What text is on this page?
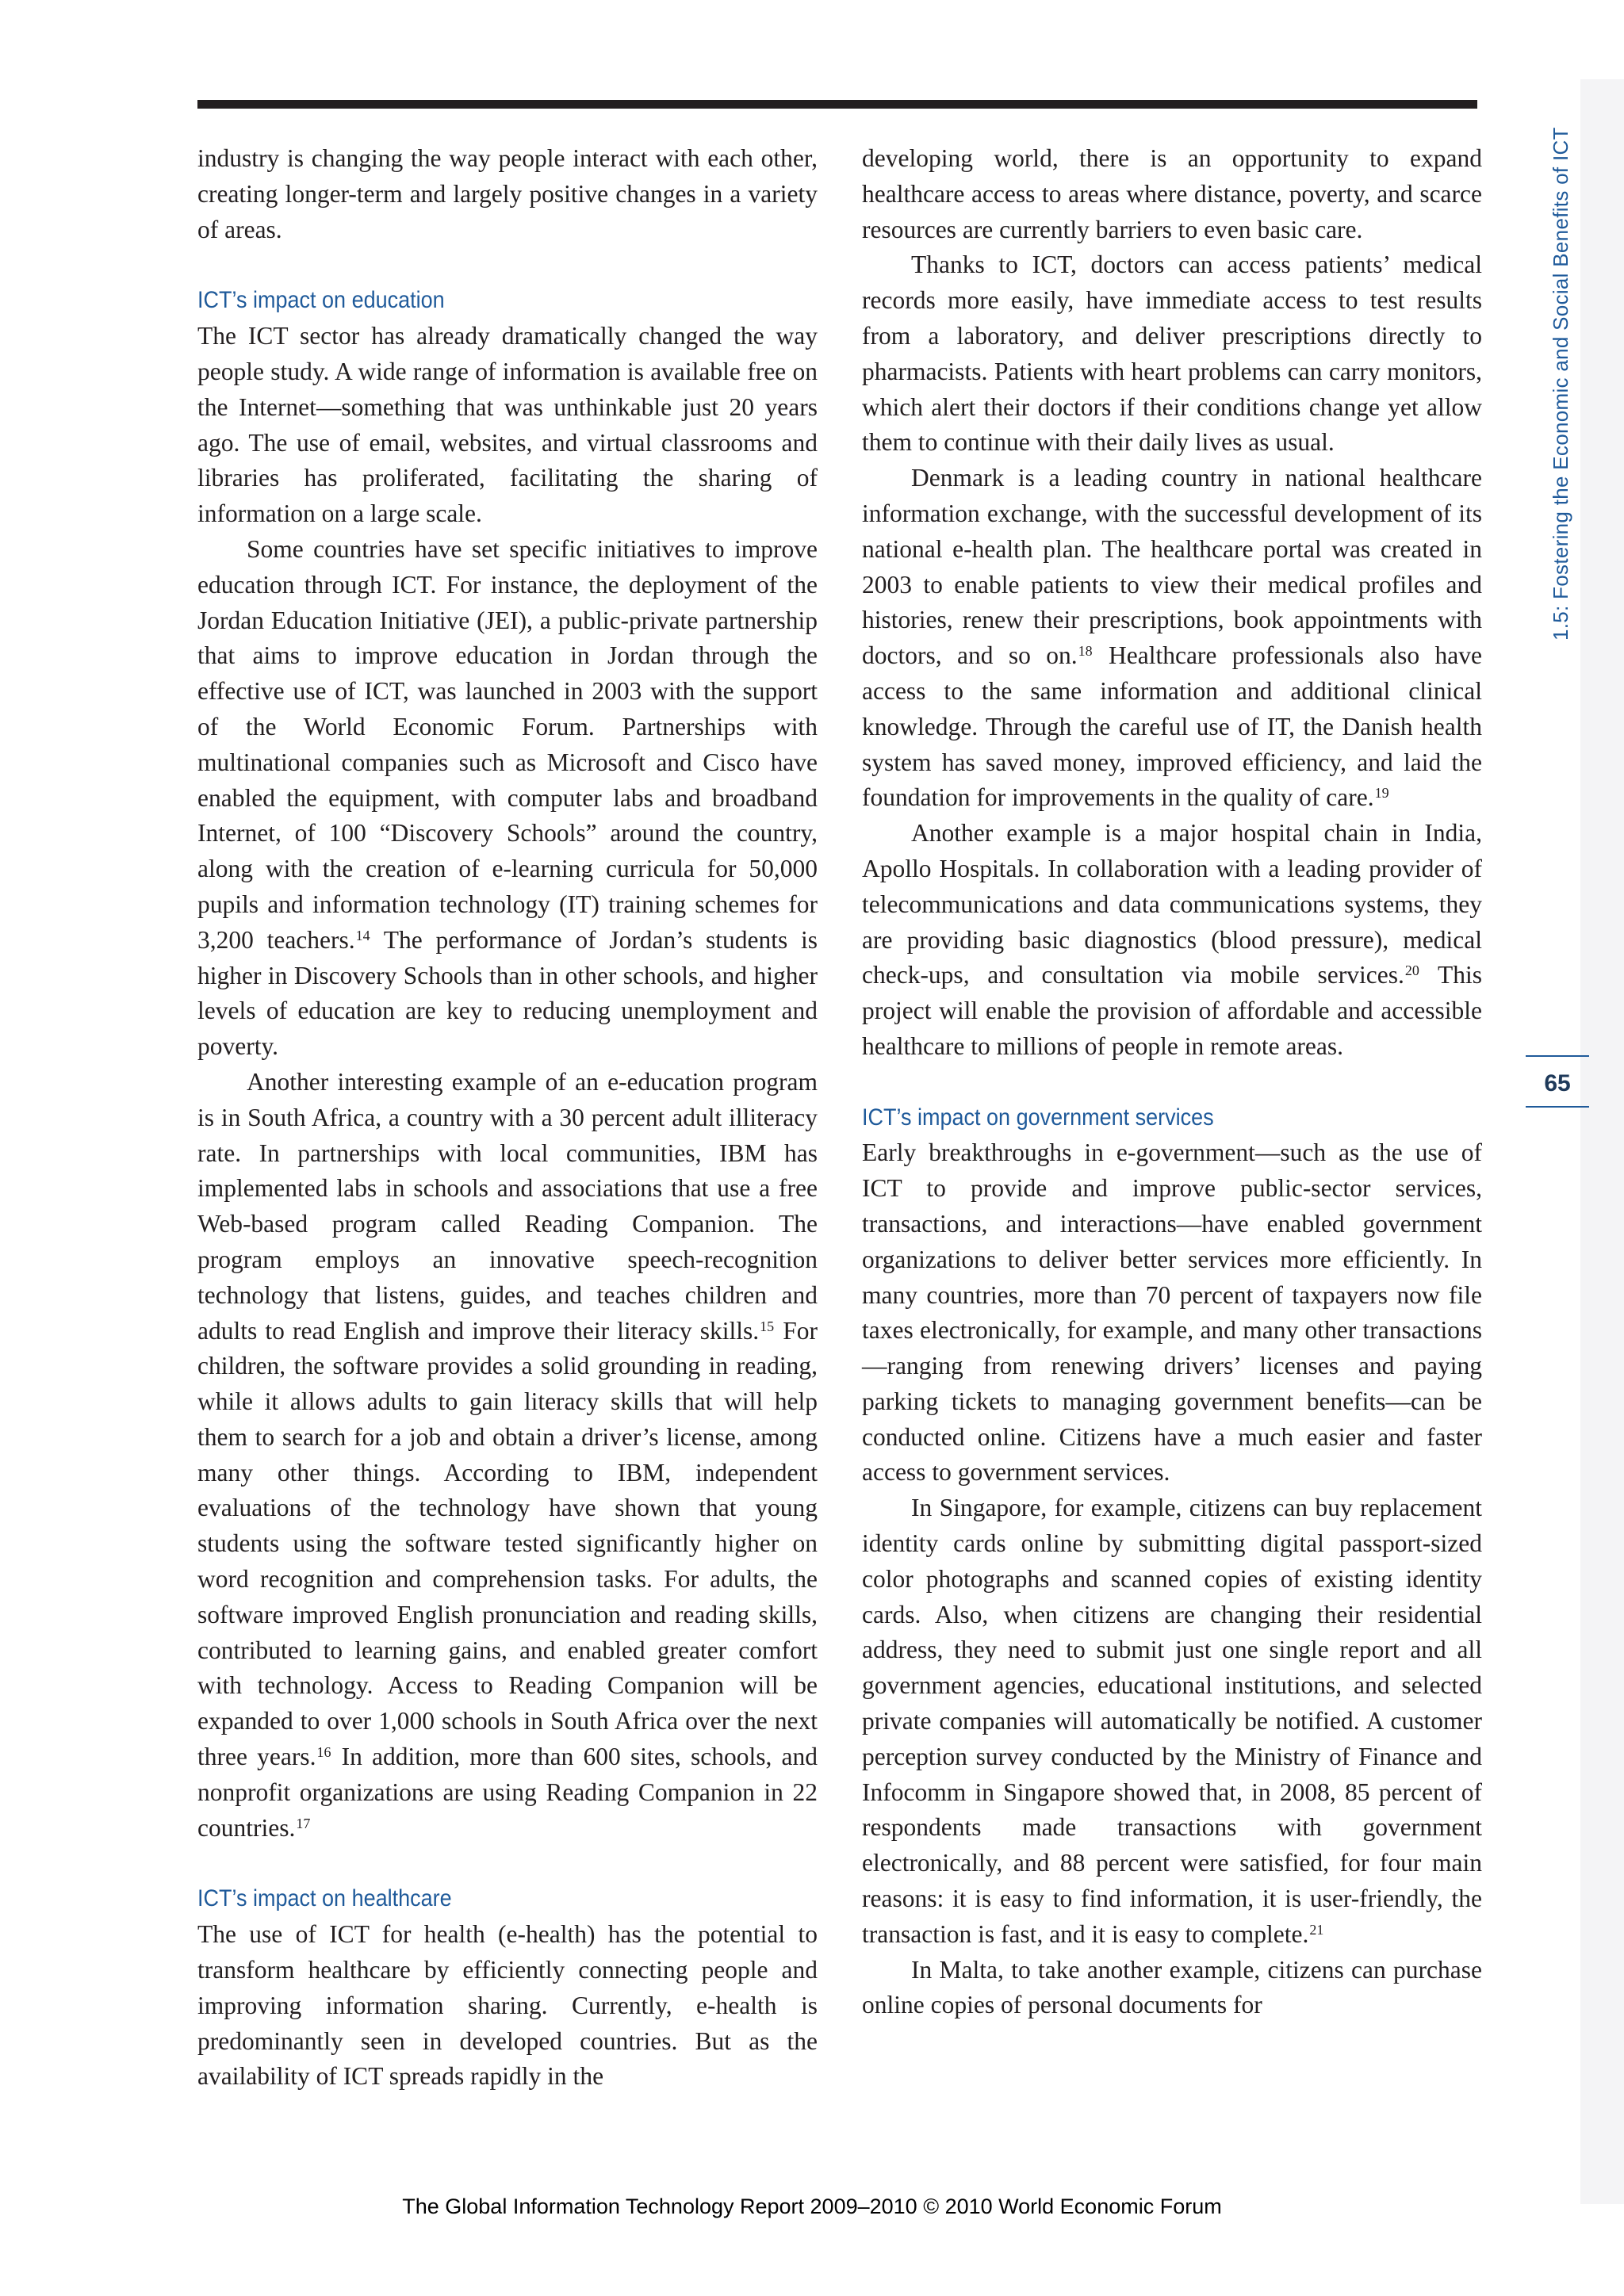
industry is changing the way people interact with each other, creating longer-term and largely positive changes in a variety of areas.

ICT’s impact on education

The ICT sector has already dramatically changed the way people study. A wide range of information is available free on the Internet—something that was unthinkable just 20 years ago. The use of email, websites, and virtual classrooms and libraries has proliferated, facilitating the sharing of information on a large scale.

Some countries have set specific initiatives to improve education through ICT. For instance, the deployment of the Jordan Education Initiative (JEI), a public-private partnership that aims to improve education in Jordan through the effective use of ICT, was launched in 2003 with the support of the World Economic Forum. Partnerships with multinational companies such as Microsoft and Cisco have enabled the equipment, with computer labs and broadband Internet, of 100 “Discovery Schools” around the country, along with the creation of e-learning curricula for 50,000 pupils and information technology (IT) training schemes for 3,200 teachers.$^{14}$ The performance of Jordan’s students is higher in Discovery Schools than in other schools, and higher levels of education are key to reducing unemployment and poverty.

Another interesting example of an e-education program is in South Africa, a country with a 30 percent adult illiteracy rate. In partnerships with local communities, IBM has implemented labs in schools and associations that use a free Web-based program called Reading Companion. The program employs an innovative speech-recognition technology that listens, guides, and teaches children and adults to read English and improve their literacy skills.$^{15}$ For children, the software provides a solid grounding in reading, while it allows adults to gain literacy skills that will help them to search for a job and obtain a driver’s license, among many other things. According to IBM, independent evaluations of the technology have shown that young students using the software tested significantly higher on word recognition and comprehension tasks. For adults, the software improved English pronunciation and reading skills, contributed to learning gains, and enabled greater comfort with technology. Access to Reading Companion will be expanded to over 1,000 schools in South Africa over the next three years.$^{16}$ In addition, more than 600 sites, schools, and nonprofit organizations are using Reading Companion in 22 countries.$^{17}$

ICT’s impact on healthcare

The use of ICT for health (e-health) has the potential to transform healthcare by efficiently connecting people and improving information sharing. Currently, e-health is predominantly seen in developed countries. But as the availability of ICT spreads rapidly in the

developing world, there is an opportunity to expand healthcare access to areas where distance, poverty, and scarce resources are currently barriers to even basic care.

Thanks to ICT, doctors can access patients’ medical records more easily, have immediate access to test results from a laboratory, and deliver prescriptions directly to pharmacists. Patients with heart problems can carry monitors, which alert their doctors if their conditions change yet allow them to continue with their daily lives as usual.

Denmark is a leading country in national healthcare information exchange, with the successful development of its national e-health plan. The healthcare portal was created in 2003 to enable patients to view their medical profiles and histories, renew their prescriptions, book appointments with doctors, and so on.$^{18}$ Healthcare professionals also have access to the same information and additional clinical knowledge. Through the careful use of IT, the Danish health system has saved money, improved efficiency, and laid the foundation for improvements in the quality of care.$^{19}$

Another example is a major hospital chain in India, Apollo Hospitals. In collaboration with a leading provider of telecommunications and data communications systems, they are providing basic diagnostics (blood pressure), medical check-ups, and consultation via mobile services.$^{20}$ This project will enable the provision of affordable and accessible healthcare to millions of people in remote areas.

ICT’s impact on government services

Early breakthroughs in e-government—such as the use of ICT to provide and improve public-sector services, transactions, and interactions—have enabled government organizations to deliver better services more efficiently. In many countries, more than 70 percent of taxpayers now file taxes electronically, for example, and many other transactions—ranging from renewing drivers’ licenses and paying parking tickets to managing government benefits—can be conducted online. Citizens have a much easier and faster access to government services.

In Singapore, for example, citizens can buy replacement identity cards online by submitting digital passport-sized color photographs and scanned copies of existing identity cards. Also, when citizens are changing their residential address, they need to submit just one single report and all government agencies, educational institutions, and selected private companies will automatically be notified. A customer perception survey conducted by the Ministry of Finance and Infocomm in Singapore showed that, in 2008, 85 percent of respondents made transactions with government electronically, and 88 percent were satisfied, for four main reasons: it is easy to find information, it is user-friendly, the transaction is fast, and it is easy to complete.$^{21}$

In Malta, to take another example, citizens can purchase online copies of personal documents for

1.5: Fostering the Economic and Social Benefits of ICT
65
The Global Information Technology Report 2009–2010 © 2010 World Economic Forum
